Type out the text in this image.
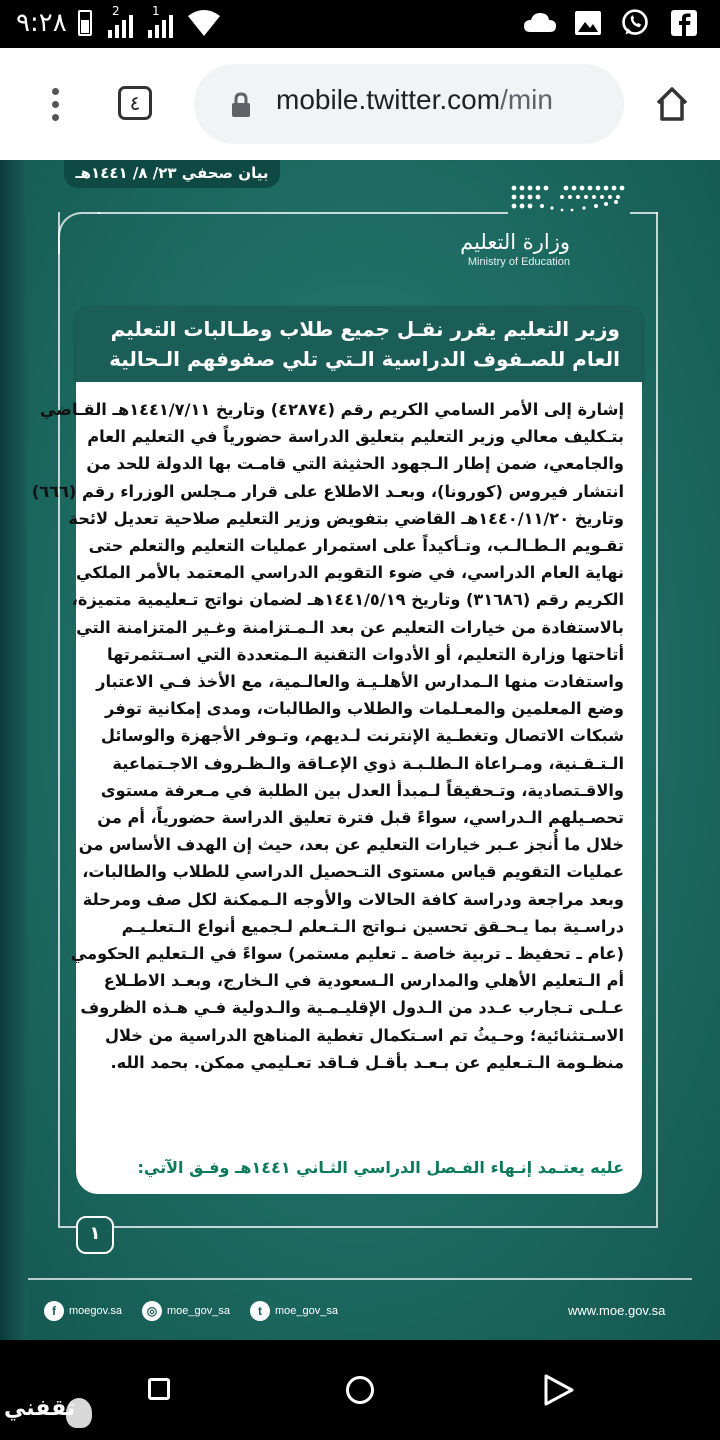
٩:٢٨	2	1
٤	mobile.twitter.com/min
بيان صحفي ٢٣/ ٨/ ١٤٤١هـ
وزارة التعليم
Ministry of Education
وزير التعليم يقرر نقـل جميع طلاب وطـالبات التعليم العام للصـفوف الدراسية الـتي تلي صفوفهم الـحالية
إشارة إلى الأمر السامي الكريم رقم (٤٢٨٧٤) وتاريخ ١٤٤١/٧/١١هـ القـاضي
بتـكليف معالي وزير التعليم بتعليق الدراسة حضورياً في التعليم العام
والجامعي، ضمن إطار الـجهود الحثيثة التي قامـت بها الدولة للحد من
انتشار فيروس (كورونا)، وبعـد الاطلاع على قرار مـجلس الوزراء رقم (٦٦٦)
وتاريخ ١٤٤٠/١١/٢٠هـ القاضي بتفويض وزير التعليم صلاحية تعديل لائحة
تقـويم الـطـالـب، وتـأكيداً على استمرار عمليات التعليم والتعلم حتى
نهاية العام الدراسي، في ضوء التقويم الدراسي المعتمد بالأمر الملكي
الكريم رقم (٣١٦٨٦) وتاريخ ١٤٤١/٥/١٩هـ لضمان نواتج تـعليمية متميزة،
بالاستفادة من خيارات التعليم عن بعد الـمـتزامنة وغـير المتزامنة التي
أتاحتها وزارة التعليم، أو الأدوات التقنية الـمتعددة التي اسـتثمرتها
واستفادت منها الـمدارس الأهلـيـة والعالـمية، مع الأخذ فـي الاعتبار
وضع المعلمين والمعـلمات والطلاب والطالبات، ومدى إمكانية توفر
شبكات الاتصال وتغطـية الإنترنت لـديهم، وتـوفر الأجهزة والوسائل
الـتـقـنية، ومـراعاة الـطلـبـة ذوي الإعـاقة والـظـروف الاجـتماعية
والاقـتصادية، وتـحقيقاً لـمبدأ العدل بين الطلبة في مـعرفة مستوى
تحصـيلهم الـدراسي، سواءً قبل فترة تعليق الدراسة حضورياً، أم من
خلال ما أُنجز عـبر خيارات التعليم عن بعد، حيث إن الهدف الأساس من
عمليات التقويم قياس مستوى التـحصيل الدراسي للطلاب والطالبات،
وبعد مراجعة ودراسة كافة الحالات والأوجه الـممكنة لكل صف ومرحلة
دراسـية بما يـحـقق تحسين نـواتج الـتـعلم لـجميع أنواع الـتعلـيـم
(عام ـ تحفيظ ـ تربية خاصة ـ تعليم مستمر) سواءً في الـتعليم الحكومي
أم الـتعليم الأهلي والمدارس الـسعودية في الـخارج، وبعـد الاطـلاع
عـلـى تـجارب عـدد من الـدول الإقليـمـية والـدولية فـي هـذه الظروف
الاسـتثنائية؛ وحـيثُ تم اسـتكمال تغطية المناهج الدراسية من خلال
منظـومة الـتـعليم عن بـعـد بأقـل فـاقد تعـليمي ممكن. بحمد الله.
عليه يعتـمد إنـهاء الفـصل الدراسي الثـاني ١٤٤١هـ وفـق الآتي:
١
f moegov.sa	◎ moe_gov_sa	t moe_gov_sa	www.moe.gov.sa
ثقفني
